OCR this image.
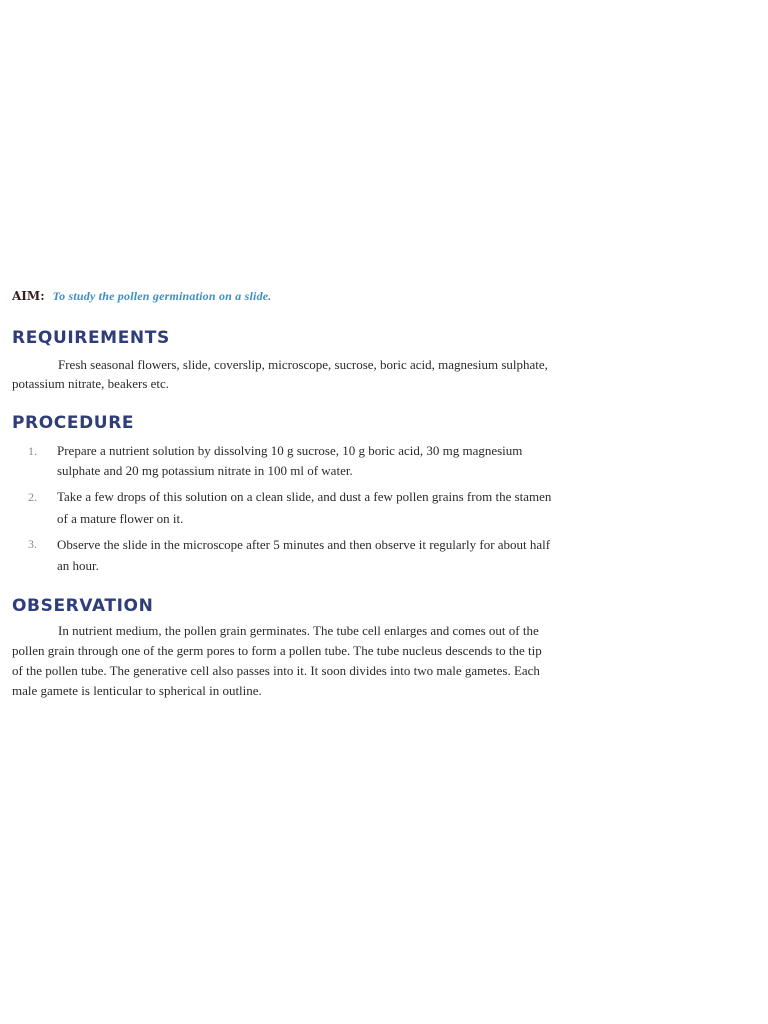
AIM: To study the pollen germination on a slide.
REQUIREMENTS
Fresh seasonal flowers, slide, coverslip, microscope, sucrose, boric acid, magnesium sulphate,
potassium nitrate, beakers etc.
PROCEDURE
1. Prepare a nutrient solution by dissolving 10 g sucrose, 10 g boric acid, 30 mg magnesium
sulphate and 20 mg potassium nitrate in 100 ml of water.
2. Take a few drops of this solution on a clean slide, and dust a few pollen grains from the stamen
of a mature flower on it.
3. Observe the slide in the microscope after 5 minutes and then observe it regularly for about half
an hour.
OBSERVATION
In nutrient medium, the pollen grain germinates. The tube cell enlarges and comes out of the
pollen grain through one of the germ pores to form a pollen tube. The tube nucleus descends to the tip
of the pollen tube. The generative cell also passes into it. It soon divides into two male gametes. Each
male gamete is lenticular to spherical in outline.
